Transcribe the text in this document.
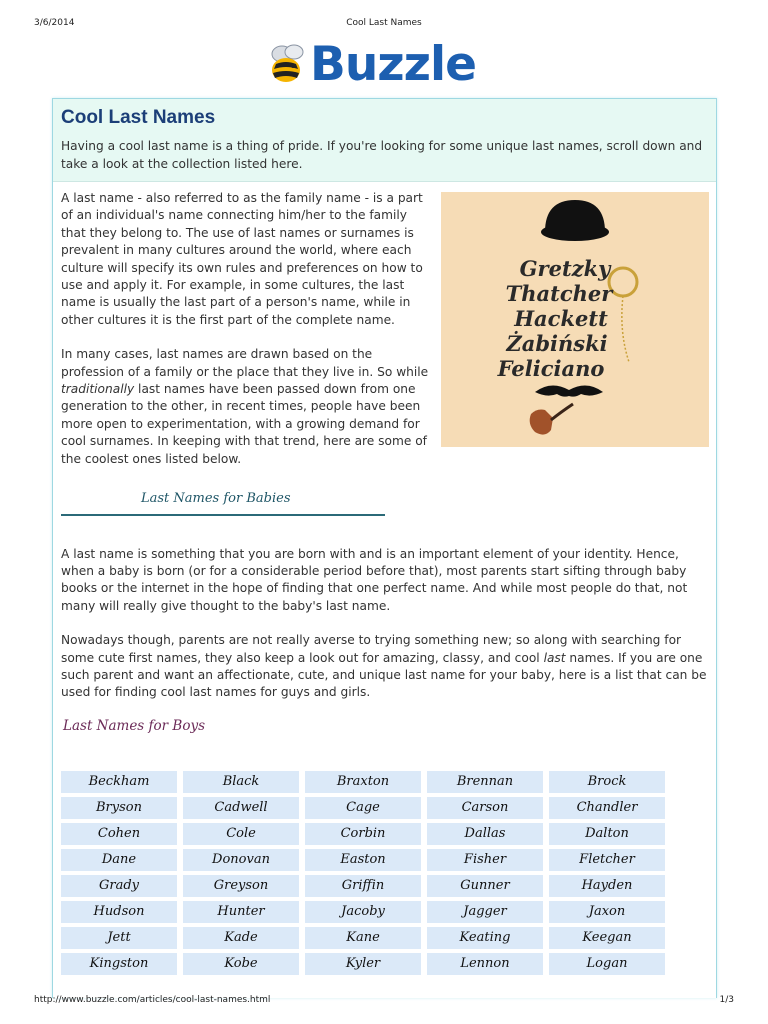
3/6/2014	Cool Last Names
Buzzle
Cool Last Names

Having a cool last name is a thing of pride. If you're looking for some unique last names, scroll down and take a look at the collection listed here.

Gretzky
Thatcher
Hackett
Żabiński
Feliciano

A last name - also referred to as the family name - is a part of an individual's name connecting him/her to the family that they belong to. The use of last names or surnames is prevalent in many cultures around the world, where each culture will specify its own rules and preferences on how to use and apply it. For example, in some cultures, the last name is usually the last part of a person's name, while in other cultures it is the first part of the complete name.

In many cases, last names are drawn based on the profession of a family or the place that they live in. So while traditionally last names have been passed down from one generation to the other, in recent times, people have been more open to experimentation, with a growing demand for cool surnames. In keeping with that trend, here are some of the coolest ones listed below.

Last Names for Babies

A last name is something that you are born with and is an important element of your identity. Hence, when a baby is born (or for a considerable period before that), most parents start sifting through baby books or the internet in the hope of finding that one perfect name. And while most people do that, not many will really give thought to the baby's last name.

Nowadays though, parents are not really averse to trying something new; so along with searching for some cute first names, they also keep a look out for amazing, classy, and cool last names. If you are one such parent and want an affectionate, cute, and unique last name for your baby, here is a list that can be used for finding cool last names for guys and girls.

Last Names for Boys
Beckham	Black	Braxton	Brennan	Brock
Bryson	Cadwell	Cage	Carson	Chandler
Cohen	Cole	Corbin	Dallas	Dalton
Dane	Donovan	Easton	Fisher	Fletcher
Grady	Greyson	Griffin	Gunner	Hayden
Hudson	Hunter	Jacoby	Jagger	Jaxon
Jett	Kade	Kane	Keating	Keegan
Kingston	Kobe	Kyler	Lennon	Logan
http://www.buzzle.com/articles/cool-last-names.html	1/3
